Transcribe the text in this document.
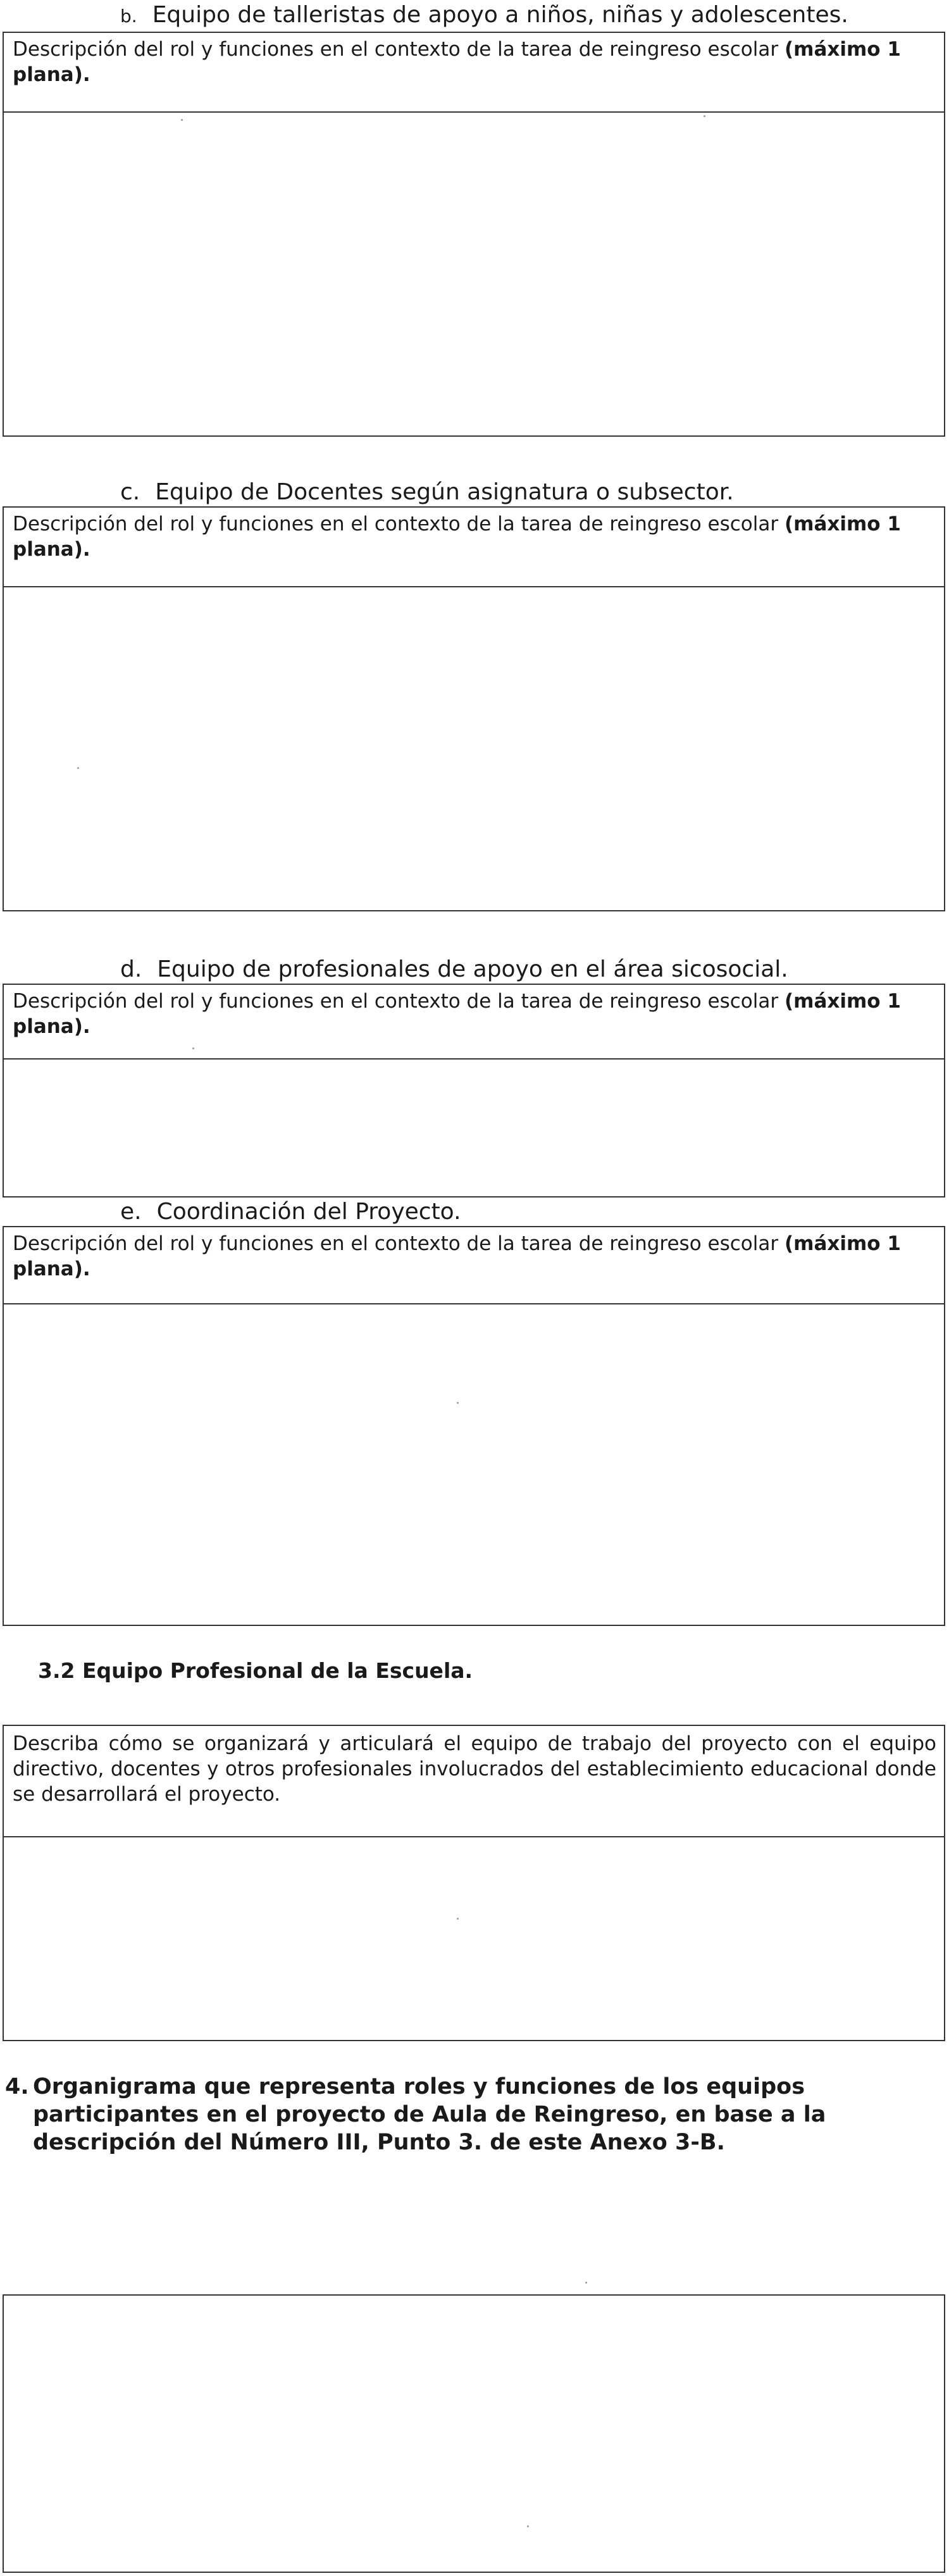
b. Equipo de talleristas de apoyo a niños, niñas y adolescentes.
Descripción del rol y funciones en el contexto de la tarea de reingreso escolar (máximo 1 plana).
c. Equipo de Docentes según asignatura o subsector.
Descripción del rol y funciones en el contexto de la tarea de reingreso escolar (máximo 1 plana).
d. Equipo de profesionales de apoyo en el área sicosocial.
Descripción del rol y funciones en el contexto de la tarea de reingreso escolar (máximo 1 plana).
e. Coordinación del Proyecto.
Descripción del rol y funciones en el contexto de la tarea de reingreso escolar (máximo 1 plana).
3.2 Equipo Profesional de la Escuela.
Describa cómo se organizará y articulará el equipo de trabajo del proyecto con el equipo directivo, docentes y otros profesionales involucrados del establecimiento educacional donde se desarrollará el proyecto.
4. Organigrama que representa roles y funciones de los equipos participantes en el proyecto de Aula de Reingreso, en base a la descripción del Número III, Punto 3. de este Anexo 3-B.
